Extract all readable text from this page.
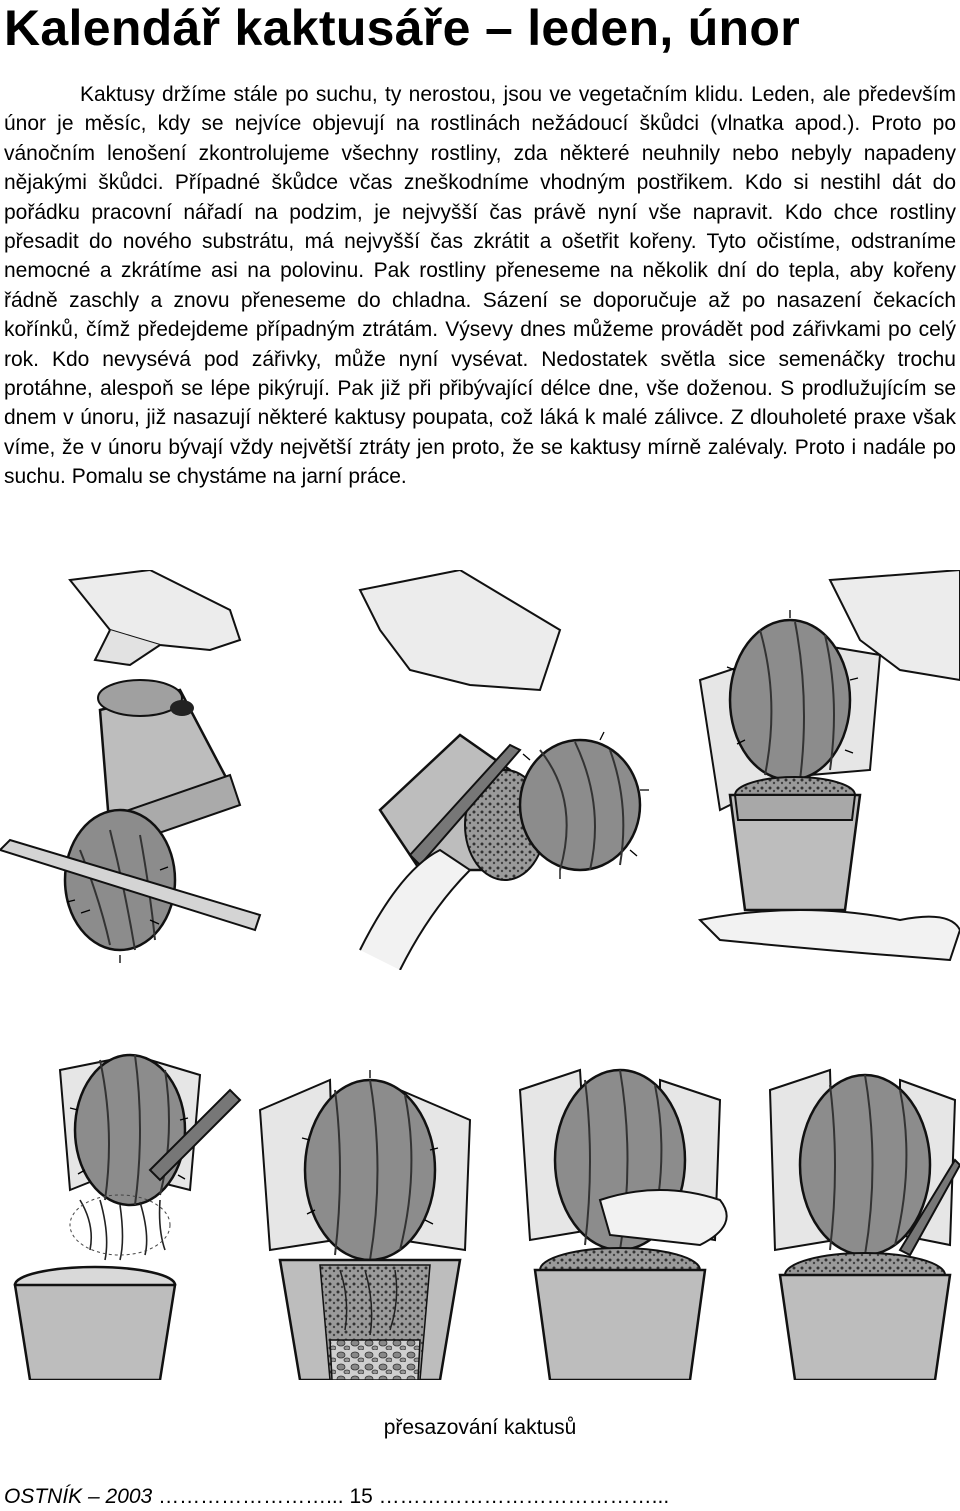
Kalendář kaktusáře – leden, únor

Kaktusy držíme stále po suchu, ty nerostou, jsou ve vegetačním klidu. Leden, ale především únor je měsíc, kdy se nejvíce objevují na rostlinách nežádoucí škůdci (vlnatka apod.). Proto po vánočním lenošení zkontrolujeme všechny rostliny, zda některé neuhnily nebo nebyly napadeny nějakými škůdci. Případné škůdce včas zneškodníme vhodným postřikem. Kdo si nestihl dát do pořádku pracovní nářadí na podzim, je nejvyšší čas právě nyní vše napravit. Kdo chce rostliny přesadit do nového substrátu, má nejvyšší čas zkrátit a ošetřit kořeny. Tyto očistíme, odstraníme nemocné a zkrátíme asi na polovinu. Pak rostliny přeneseme na několik dní do tepla, aby kořeny řádně zaschly a znovu přeneseme do chladna. Sázení se doporučuje až po nasazení čekacích kořínků, čímž předejdeme případným ztrátám. Výsevy dnes můžeme provádět pod zářivkami po celý rok. Kdo nevysévá pod zářivky, může nyní vysévat. Nedostatek světla sice semenáčky trochu protáhne, alespoň se lépe pikýrují. Pak již při přibývající délce dne, vše doženou. S prodlužujícím se dnem v únoru, již nasazují některé kaktusy poupata, což láká k malé zálivce. Z dlouholeté praxe však víme, že v únoru bývají vždy největší ztráty jen proto, že se kaktusy mírně zalévaly. Proto i nadále po suchu. Pomalu se chystáme na jarní práce.

přesazování kaktusů
OSTNÍK – 2003 ……………………... 15 …………………………………...
